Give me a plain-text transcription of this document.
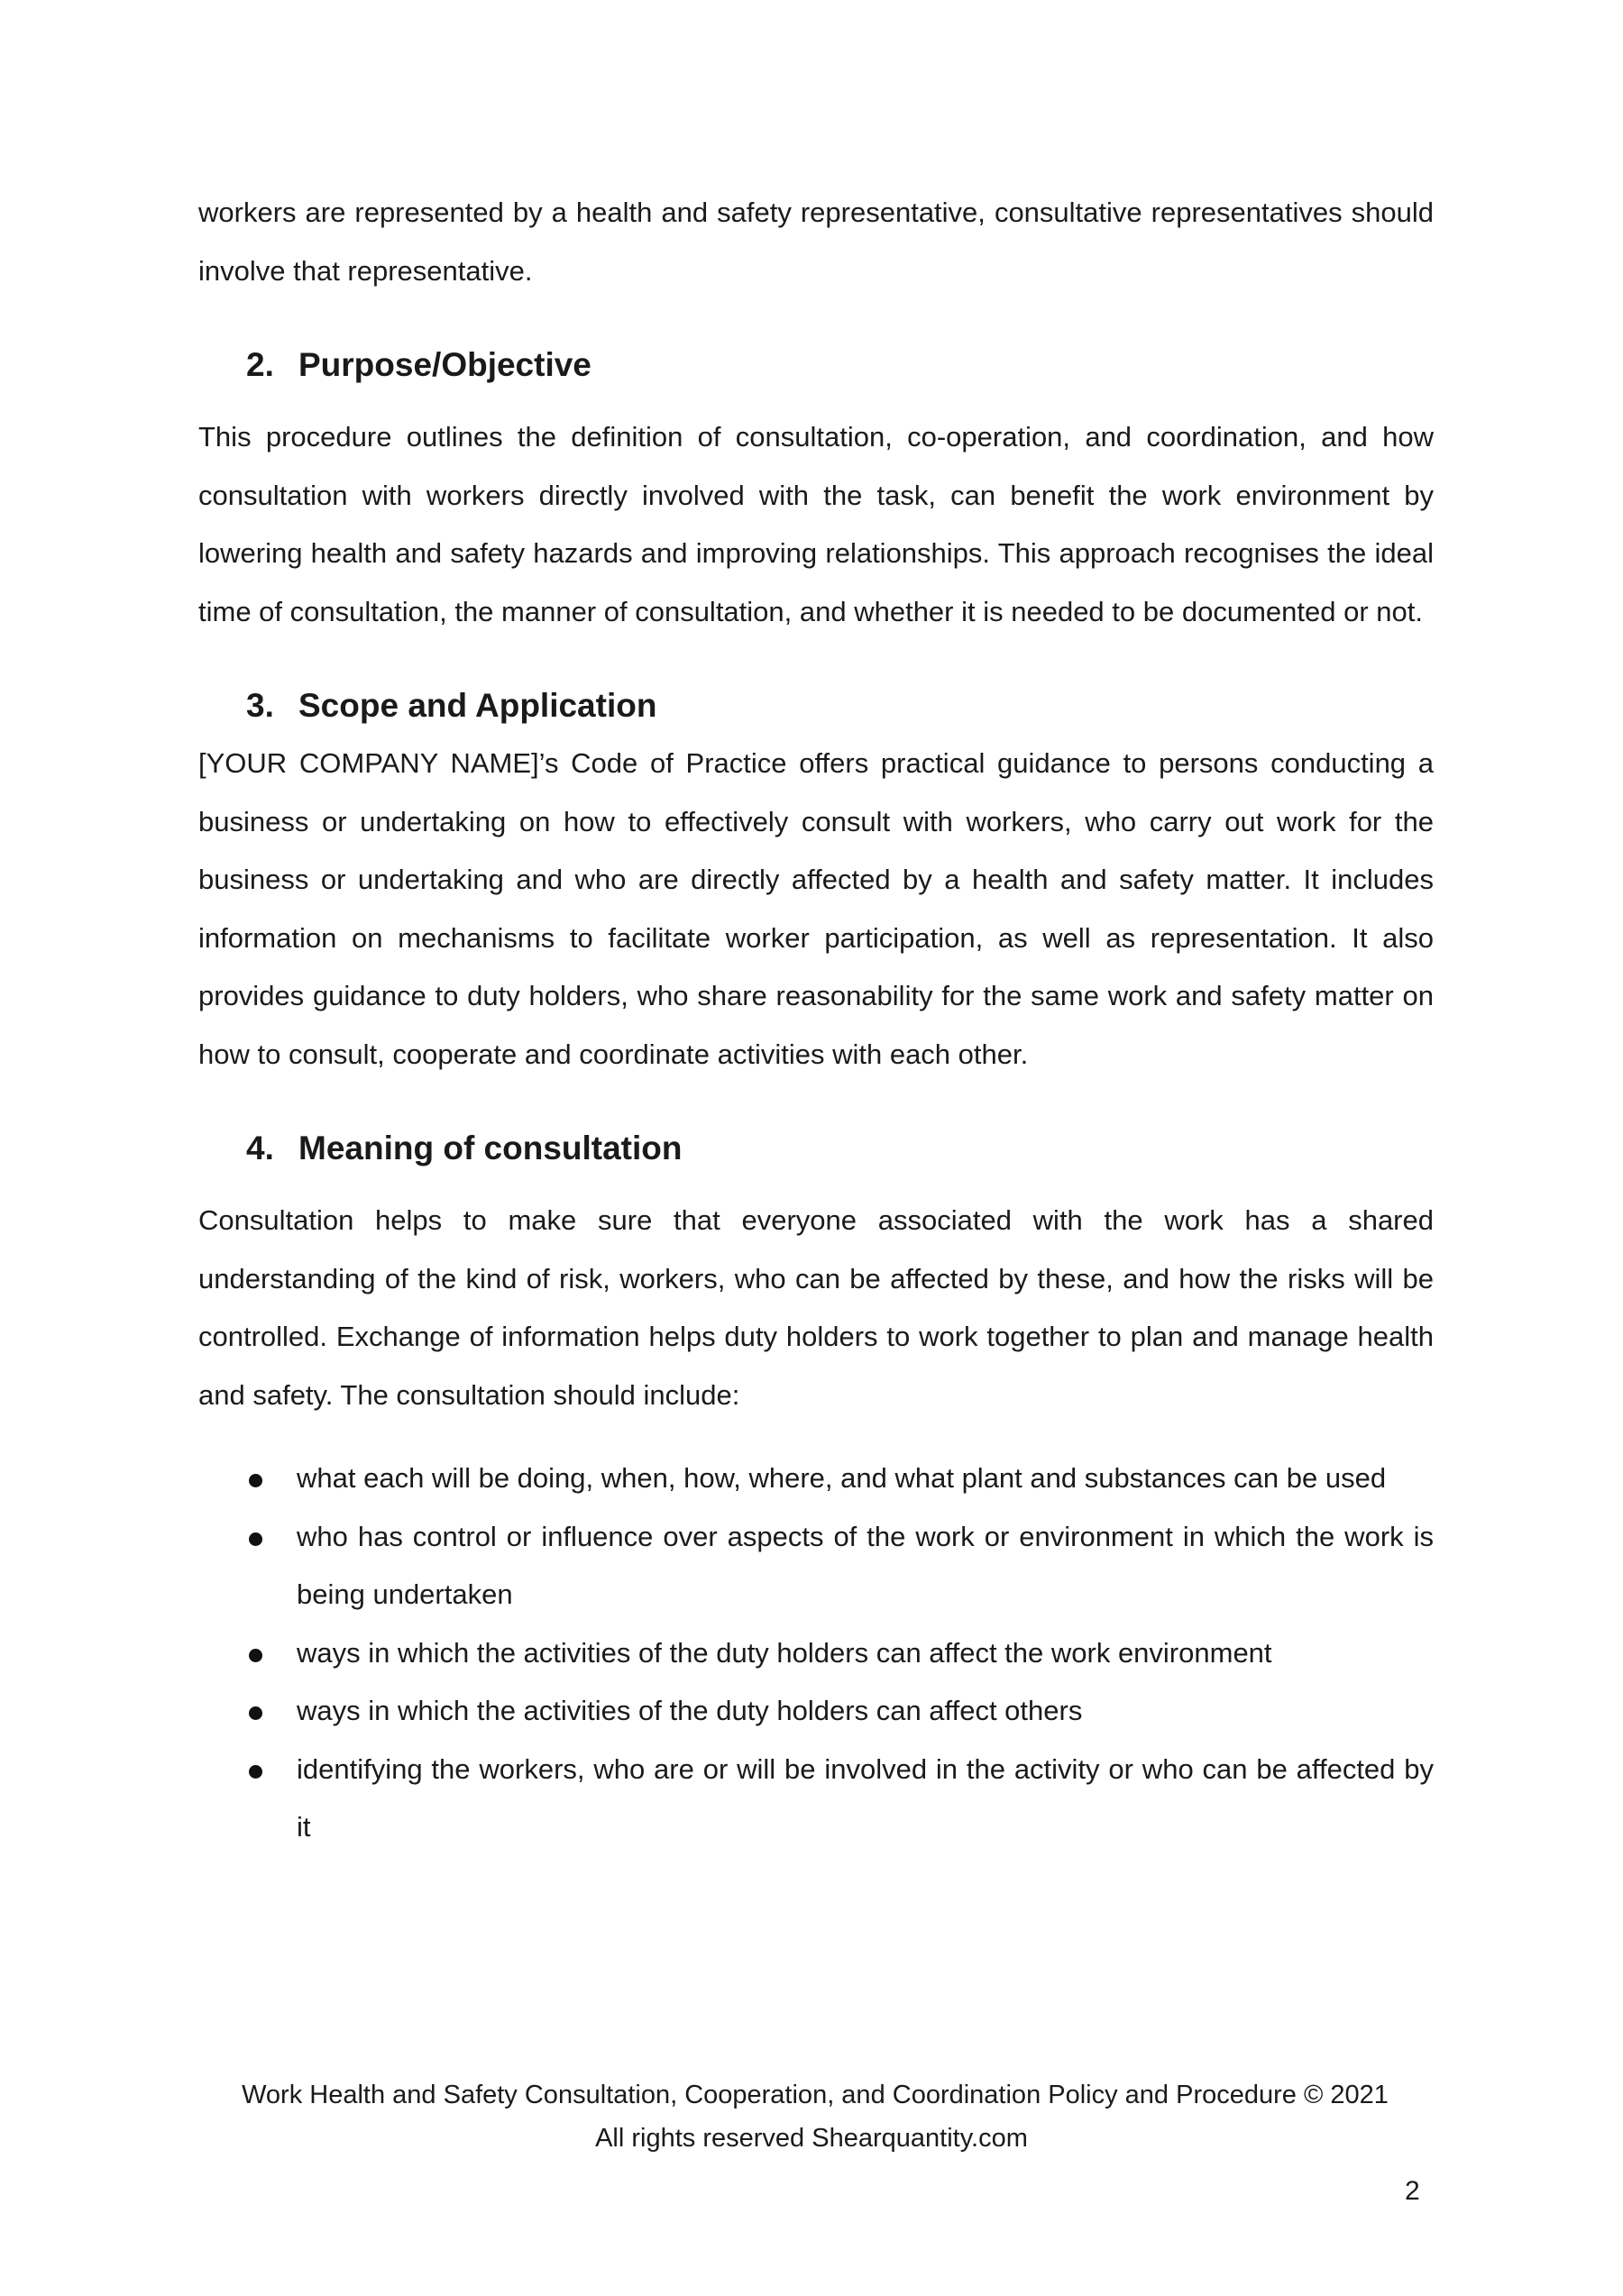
workers are represented by a health and safety representative, consultative representatives should involve that representative.

2. Purpose/Objective

This procedure outlines the definition of consultation, co-operation, and coordination, and how consultation with workers directly involved with the task, can benefit the work environment by lowering health and safety hazards and improving relationships. This approach recognises the ideal time of consultation, the manner of consultation, and whether it is needed to be documented or not.

3. Scope and Application

[YOUR COMPANY NAME]’s Code of Practice offers practical guidance to persons conducting a business or undertaking on how to effectively consult with workers, who carry out work for the business or undertaking and who are directly affected by a health and safety matter. It includes information on mechanisms to facilitate worker participation, as well as representation. It also provides guidance to duty holders, who share reasonability for the same work and safety matter on how to consult, cooperate and coordinate activities with each other.

4. Meaning of consultation

Consultation helps to make sure that everyone associated with the work has a shared understanding of the kind of risk, workers, who can be affected by these, and how the risks will be controlled. Exchange of information helps duty holders to work together to plan and manage health and safety. The consultation should include:

what each will be doing, when, how, where, and what plant and substances can be used
who has control or influence over aspects of the work or environment in which the work is being undertaken
ways in which the activities of the duty holders can affect the work environment
ways in which the activities of the duty holders can affect others
identifying the workers, who are or will be involved in the activity or who can be affected by it
Work Health and Safety Consultation, Cooperation, and Coordination Policy and Procedure © 2021
All rights reserved Shearquantity.com
2
